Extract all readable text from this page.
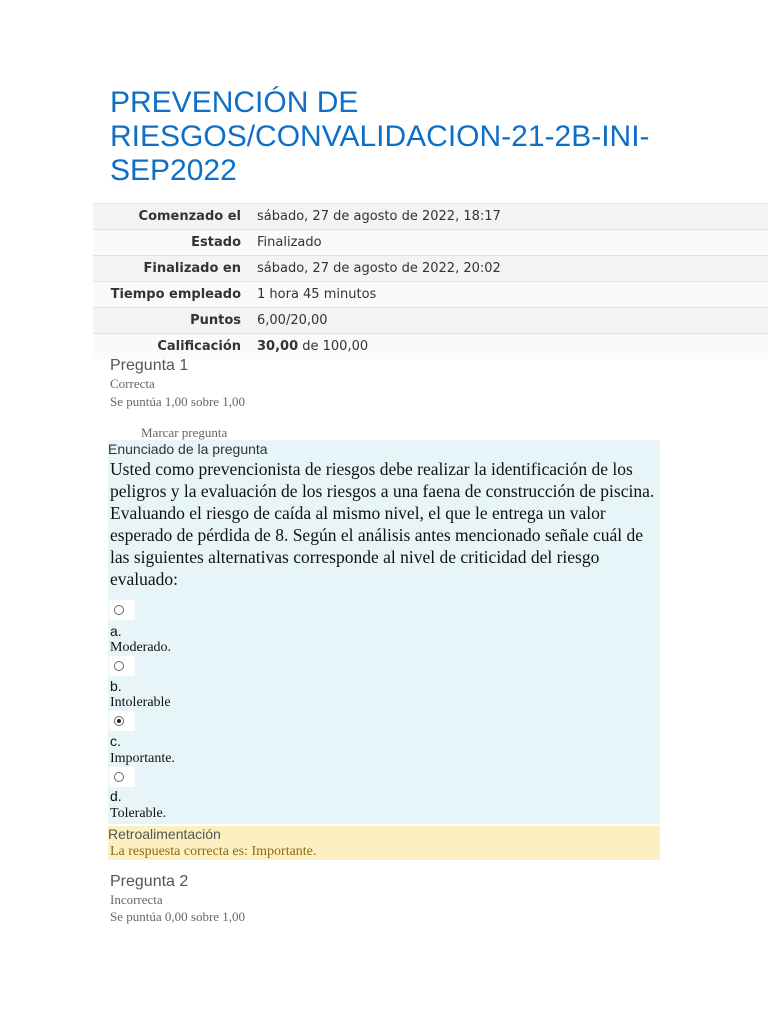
PREVENCIÓN DE RIESGOS/CONVALIDACION-21-2B-INI-SEP2022
Comenzado el	sábado, 27 de agosto de 2022, 18:17
Estado	Finalizado
Finalizado en	sábado, 27 de agosto de 2022, 20:02
Tiempo empleado	1 hora 45 minutos
Puntos	6,00/20,00
Calificación	30,00 de 100,00
Pregunta 1
Correcta
Se puntúa 1,00 sobre 1,00
Marcar pregunta
Enunciado de la pregunta

Usted como prevencionista de riesgos debe realizar la identificación de los peligros y la evaluación de los riesgos a una faena de construcción de piscina. Evaluando el riesgo de caída al mismo nivel, el que le entrega un valor esperado de pérdida de 8. Según el análisis antes mencionado señale cuál de las siguientes alternativas corresponde al nivel de criticidad del riesgo evaluado:

a.
Moderado.
b.
Intolerable
c.
Importante.
d.
Tolerable.
Retroalimentación
La respuesta correcta es: Importante.
Pregunta 2
Incorrecta
Se puntúa 0,00 sobre 1,00
